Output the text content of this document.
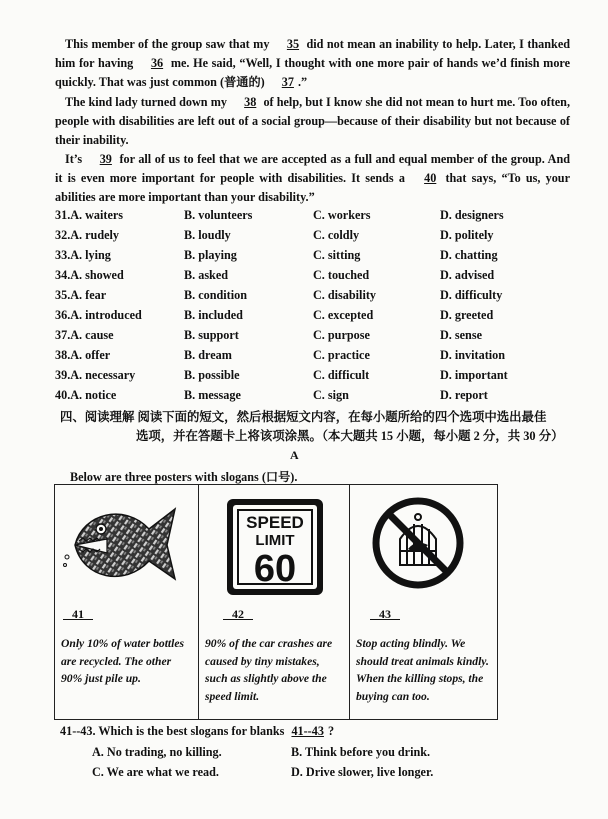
This member of the group saw that my 35 did not mean an inability to help. Later, I thanked him for having 36 me. He said, “Well, I thought with one more pair of hands we’d finish more quickly. That was just common (普通的) 37 .”

The kind lady turned down my 38 of help, but I know she did not mean to hurt me. Too often, people with disabilities are left out of a social group—because of their disability but not because of their inability.

It’s 39 for all of us to feel that we are accepted as a full and equal member of the group. And it is even more important for people with disabilities. It sends a 40 that says, “To us, your abilities are more important than your disability.”

31.A. waiters	B. volunteers	C. workers	D. designers
32.A. rudely	B. loudly	C. coldly	D. politely
33.A. lying	B. playing	C. sitting	D. chatting
34.A. showed	B. asked	C. touched	D. advised
35.A. fear	B. condition	C. disability	D. difficulty
36.A. introduced	B. included	C. excepted	D. greeted
37.A. cause	B. support	C. purpose	D. sense
38.A. offer	B. dream	C. practice	D. invitation
39.A. necessary	B. possible	C. difficult	D. important
40.A. notice	B. message	C. sign	D. report
四、阅读理解 阅读下面的短文，然后根据短文内容，在每小题所给的四个选项中选出最佳
选项，并在答题卡上将该项涂黑。（本大题共 15 小题，每小题 2 分，共 30 分）
A
Below are three posters with slogans (口号).
41
Only 10% of water bottles are recycled. The other 90% just pile up.
SPEED
LIMIT
60
42
90% of the car crashes are caused by tiny mistakes, such as slightly above the speed limit.
43
Stop acting blindly. We should treat animals kindly. When the killing stops, the buying can too.
41--43. Which is the best slogans for blanks 41--43 ?
A. No trading, no killing.	B. Think before you drink.
C. We are what we read.	D. Drive slower, live longer.
